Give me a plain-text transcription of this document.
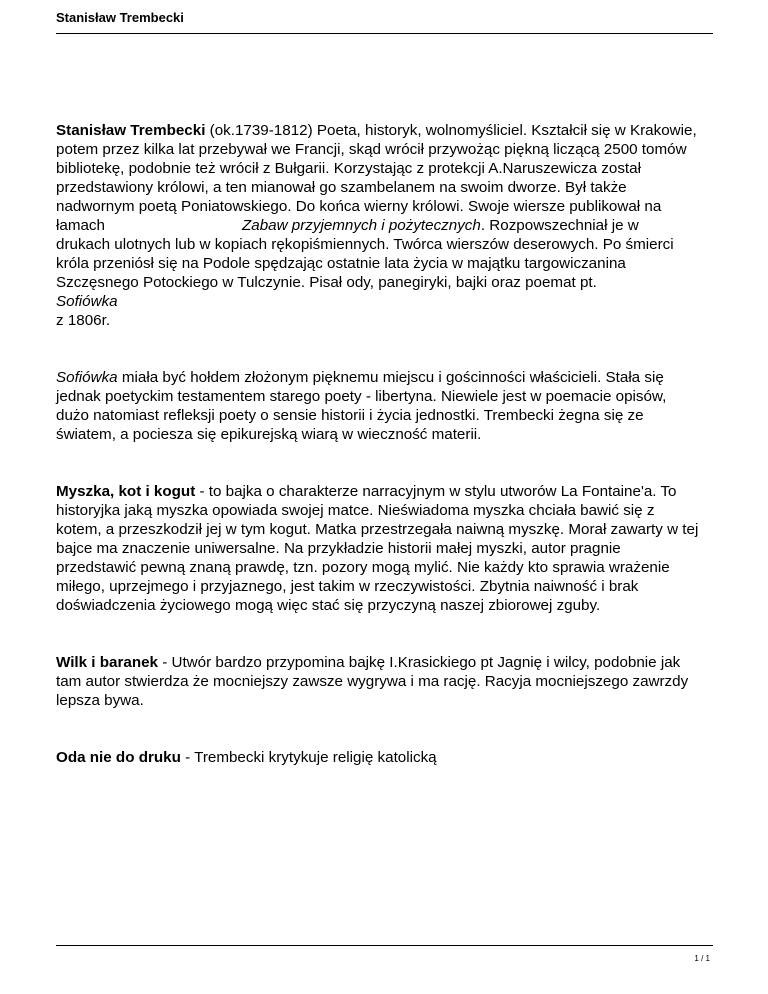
Stanisław Trembecki

Stanisław Trembecki (ok.1739-1812) Poeta, historyk, wolnomyśliciel. Kształcił się w Krakowie,
potem przez kilka lat przebywał we Francji, skąd wrócił przywożąc piękną liczącą 2500 tomów
bibliotekę, podobnie też wrócił z Bułgarii. Korzystając z protekcji A.Naruszewicza został
przedstawiony królowi, a ten mianował go szambelanem na swoim dworze. Był także
nadwornym poetą Poniatowskiego. Do końca wierny królowi. Swoje wiersze publikował na
łamach	Zabaw przyjemnych i pożytecznych. Rozpowszechniał je w
drukach ulotnych lub w kopiach rękopiśmiennych. Twórca wierszów deserowych. Po śmierci
króla przeniósł się na Podole spędzając ostatnie lata życia w majątku targowiczanina
Szczęsnego Potockiego w Tulczynie. Pisał ody, panegiryki, bajki oraz poemat pt.
Sofiówka
z 1806r.

Sofiówka miała być hołdem złożonym pięknemu miejscu i gościnności właścicieli. Stała się
jednak poetyckim testamentem starego poety - libertyna. Niewiele jest w poemacie opisów,
dużo natomiast refleksji poety o sensie historii i życia jednostki. Trembecki żegna się ze
światem, a pociesza się epikurejską wiarą w wieczność materii.

Myszka, kot i kogut - to bajka o charakterze narracyjnym w stylu utworów La Fontaine'a. To
historyjka jaką myszka opowiada swojej matce. Nieświadoma myszka chciała bawić się z
kotem, a przeszkodził jej w tym kogut. Matka przestrzegała naiwną myszkę. Morał zawarty w tej
bajce ma znaczenie uniwersalne. Na przykładzie historii małej myszki, autor pragnie
przedstawić pewną znaną prawdę, tzn. pozory mogą mylić. Nie każdy kto sprawia wrażenie
miłego, uprzejmego i przyjaznego, jest takim w rzeczywistości. Zbytnia naiwność i brak
doświadczenia życiowego mogą więc stać się przyczyną naszej zbiorowej zguby.

Wilk i baranek - Utwór bardzo przypomina bajkę I.Krasickiego pt Jagnię i wilcy, podobnie jak
tam autor stwierdza że mocniejszy zawsze wygrywa i ma rację. Racyja mocniejszego zawrzdy
lepsza bywa.

Oda nie do druku - Trembecki krytykuje religię katolicką

1 / 1
